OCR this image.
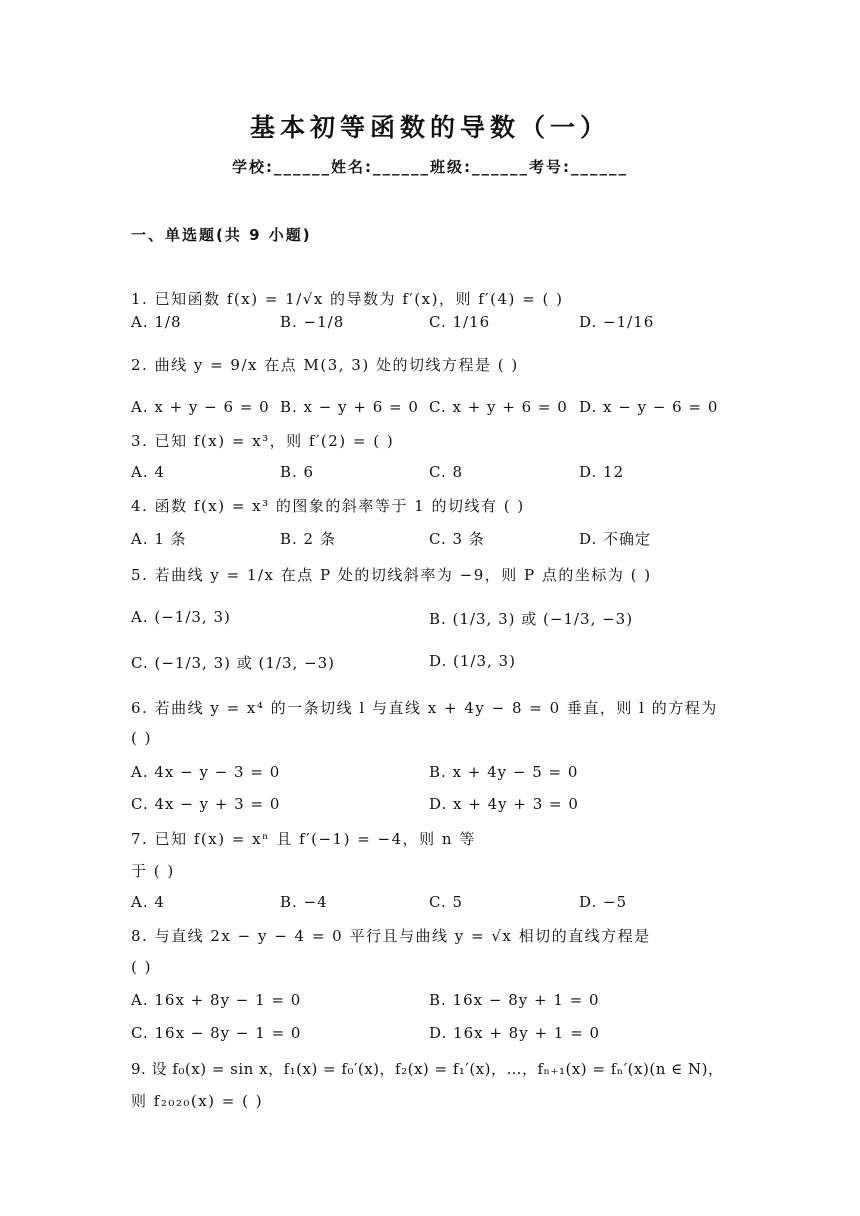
基本初等函数的导数（一）
学校:______姓名:______班级:______考号:______
一、单选题(共 9 小题)
1. 已知函数 f(x) = 1/√x 的导数为 f′(x)，则 f′(4) = ( )
A. 1/8	B. −1/8	C. 1/16	D. −1/16
2. 曲线 y = 9/x 在点 M(3, 3) 处的切线方程是 ( )
A. x + y − 6 = 0 B. x − y + 6 = 0 C. x + y + 6 = 0 D. x − y − 6 = 0
3. 已知 f(x) = x³，则 f′(2) = ( )
A. 4	B. 6	C. 8	D. 12
4. 函数 f(x) = x³ 的图象的斜率等于 1 的切线有 ( )
A. 1 条	B. 2 条	C. 3 条	D. 不确定
5. 若曲线 y = 1/x 在点 P 处的切线斜率为 −9，则 P 点的坐标为 ( )
A. (−1/3, 3)	B. (1/3, 3) 或 (−1/3, −3)
C. (−1/3, 3) 或 (1/3, −3)	D. (1/3, 3)
6. 若曲线 y = x⁴ 的一条切线 l 与直线 x + 4y − 8 = 0 垂直，则 l 的方程为
( )
A. 4x − y − 3 = 0	B. x + 4y − 5 = 0
C. 4x − y + 3 = 0	D. x + 4y + 3 = 0
7. 已知 f(x) = xⁿ 且 f′(−1) = −4，则 n 等
于 ( )
A. 4	B. −4	C. 5	D. −5
8. 与直线 2x − y − 4 = 0 平行且与曲线 y = √x 相切的直线方程是
( )
A. 16x + 8y − 1 = 0	B. 16x − 8y + 1 = 0
C. 16x − 8y − 1 = 0	D. 16x + 8y + 1 = 0
9. 设 f₀(x) = sin x，f₁(x) = f₀′(x)，f₂(x) = f₁′(x)，…，fₙ₊₁(x) = fₙ′(x)(n ∈ N)，
则 f₂₀₂₀(x) = ( )
